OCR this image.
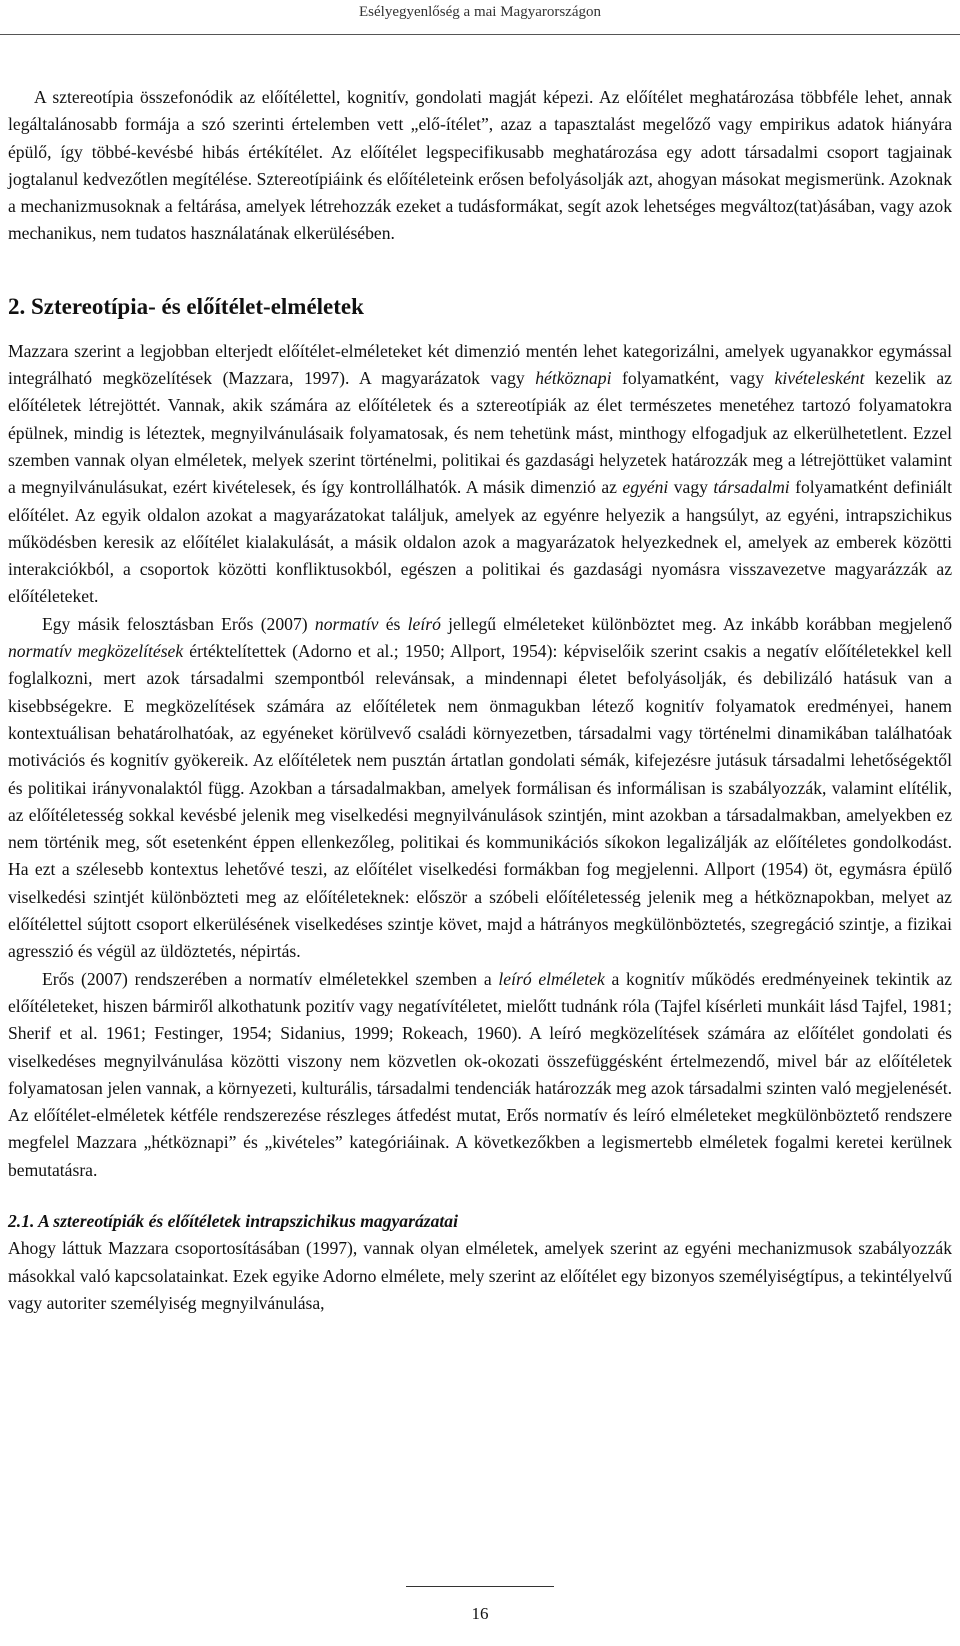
Esélyegyenlőség a mai Magyarországon

A sztereotípia összefonódik az előítélettel, kognitív, gondolati magját képezi. Az előítélet meghatározása többféle lehet, annak legáltalánosabb formája a szó szerinti értelemben vett „elő-ítélet”, azaz a tapasztalást megelőző vagy empirikus adatok hiányára épülő, így többé-kevésbé hibás értékítélet. Az előítélet legspecifikusabb meghatározása egy adott társadalmi csoport tagjainak jogtalanul kedvezőtlen megítélése. Sztereotípiáink és előítéleteink erősen befolyásolják azt, ahogyan másokat megismerünk. Azoknak a mechanizmusoknak a feltárása, amelyek létrehozzák ezeket a tudásformákat, segít azok lehetséges megváltoz(tat)ásában, vagy azok mechanikus, nem tudatos használatának elkerülésében.

2. Sztereotípia- és előítélet-elméletek

Mazzara szerint a legjobban elterjedt előítélet-elméleteket két dimenzió mentén lehet kategorizálni, amelyek ugyanakkor egymással integrálható megközelítések (Mazzara, 1997). A magyarázatok vagy hétköznapi folyamatként, vagy kivételesként kezelik az előítéletek létrejöttét. Vannak, akik számára az előítéletek és a sztereotípiák az élet természetes menetéhez tartozó folyamatokra épülnek, mindig is léteztek, megnyilvánulásaik folyamatosak, és nem tehetünk mást, minthogy elfogadjuk az elkerülhetetlent. Ezzel szemben vannak olyan elméletek, melyek szerint történelmi, politikai és gazdasági helyzetek határozzák meg a létrejöttüket valamint a megnyilvánulásukat, ezért kivételesek, és így kontrollálhatók. A másik dimenzió az egyéni vagy társadalmi folyamatként definiált előítélet. Az egyik oldalon azokat a magyarázatokat találjuk, amelyek az egyénre helyezik a hangsúlyt, az egyéni, intrapszichikus működésben keresik az előítélet kialakulását, a másik oldalon azok a magyarázatok helyezkednek el, amelyek az emberek közötti interakciókból, a csoportok közötti konfliktusokból, egészen a politikai és gazdasági nyomásra visszavezetve magyarázzák az előítéleteket.

Egy másik felosztásban Erős (2007) normatív és leíró jellegű elméleteket különböztet meg. Az inkább korábban megjelenő normatív megközelítések értéktelítettek (Adorno et al.; 1950; Allport, 1954): képviselőik szerint csakis a negatív előítéletekkel kell foglalkozni, mert azok társadalmi szempontból relevánsak, a mindennapi életet befolyásolják, és debilizáló hatásuk van a kisebbségekre. E megközelítések számára az előítéletek nem önmagukban létező kognitív folyamatok eredményei, hanem kontextuálisan behatárolhatóak, az egyéneket körülvevő családi környezetben, társadalmi vagy történelmi dinamikában találhatóak motivációs és kognitív gyökereik. Az előítéletek nem pusztán ártatlan gondolati sémák, kifejezésre jutásuk társadalmi lehetőségektől és politikai irányvonalaktól függ. Azokban a társadalmakban, amelyek formálisan és informálisan is szabályozzák, valamint elítélik, az előítéletesség sokkal kevésbé jelenik meg viselkedési megnyilvánulások szintjén, mint azokban a társadalmakban, amelyekben ez nem történik meg, sőt esetenként éppen ellenkezőleg, politikai és kommunikációs síkokon legalizálják az előítéletes gondolkodást. Ha ezt a szélesebb kontextus lehetővé teszi, az előítélet viselkedési formákban fog megjelenni. Allport (1954) öt, egymásra épülő viselkedési szintjét különbözteti meg az előítéleteknek: először a szóbeli előítéletesség jelenik meg a hétköznapokban, melyet az előítélettel sújtott csoport elkerülésének viselkedéses szintje követ, majd a hátrányos megkülönböztetés, szegregáció szintje, a fizikai agresszió és végül az üldöztetés, népirtás.

Erős (2007) rendszerében a normatív elméletekkel szemben a leíró elméletek a kognitív működés eredményeinek tekintik az előítéleteket, hiszen bármiről alkothatunk pozitív vagy negatívítéletet, mielőtt tudnánk róla (Tajfel kísérleti munkáit lásd Tajfel, 1981; Sherif et al. 1961; Festinger, 1954; Sidanius, 1999; Rokeach, 1960). A leíró megközelítések számára az előítélet gondolati és viselkedéses megnyilvánulása közötti viszony nem közvetlen ok-okozati összefüggésként értelmezendő, mivel bár az előítéletek folyamatosan jelen vannak, a környezeti, kulturális, társadalmi tendenciák határozzák meg azok társadalmi szinten való megjelenését. Az előítélet-elméletek kétféle rendszerezése részleges átfedést mutat, Erős normatív és leíró elméleteket megkülönböztető rendszere megfelel Mazzara „hétköznapi” és „kivételes” kategóriáinak. A következőkben a legismertebb elméletek fogalmi keretei kerülnek bemutatásra.

2.1. A sztereotípiák és előítéletek intrapszichikus magyarázatai

Ahogy láttuk Mazzara csoportosításában (1997), vannak olyan elméletek, amelyek szerint az egyéni mechanizmusok szabályozzák másokkal való kapcsolatainkat. Ezek egyike Adorno elmélete, mely szerint az előítélet egy bizonyos személyiségtípus, a tekintélyelvű vagy autoriter személyiség megnyilvánulása,

16
